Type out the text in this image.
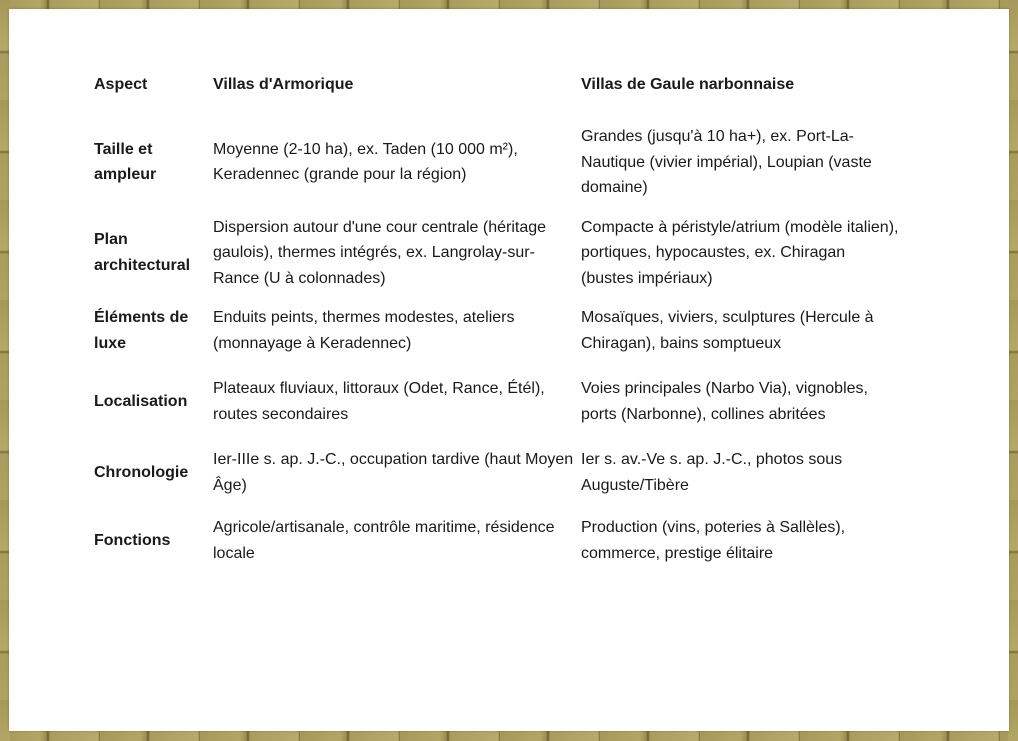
Aspect	Villas d'Armorique	Villas de Gaule narbonnaise
Taille et ampleur	Moyenne (2-10 ha), ex. Taden (10 000 m²), Keradennec (grande pour la région)	Grandes (jusqu'à 10 ha+), ex. Port-La-Nautique (vivier impérial), Loupian (vaste domaine)
Plan architectural	Dispersion autour d'une cour centrale (héritage gaulois), thermes intégrés, ex. Langrolay-sur-Rance (U à colonnades)	Compacte à péristyle/atrium (modèle italien), portiques, hypocaustes, ex. Chiragan (bustes impériaux)
Éléments de luxe	Enduits peints, thermes modestes, ateliers (monnayage à Keradennec)	Mosaïques, viviers, sculptures (Hercule à Chiragan), bains somptueux
Localisation	Plateaux fluviaux, littoraux (Odet, Rance, Étél), routes secondaires	Voies principales (Narbo Via), vignobles, ports (Narbonne), collines abritées
Chronologie	Ier-IIIe s. ap. J.-C., occupation tardive (haut Moyen Âge)	Ier s. av.-Ve s. ap. J.-C., photos sous Auguste/Tibère
Fonctions	Agricole/artisanale, contrôle maritime, résidence locale	Production (vins, poteries à Sallèles), commerce, prestige élitaire
